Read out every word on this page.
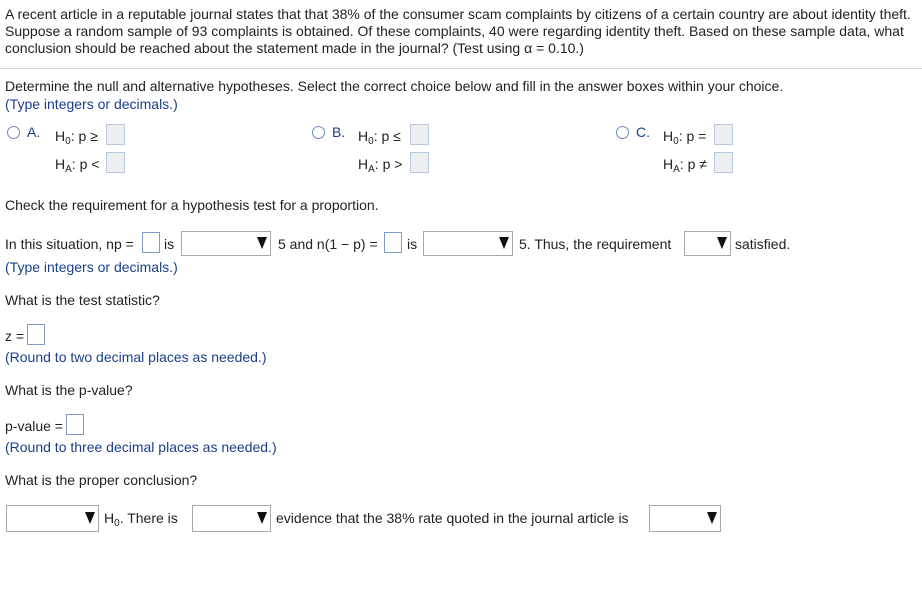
A recent article in a reputable journal states that that 38% of the consumer scam complaints by citizens of a certain country are about identity theft. Suppose a random sample of 93 complaints is obtained. Of these complaints, 40 were regarding identity theft. Based on these sample data, what conclusion should be reached about the statement made in the journal? (Test using α = 0.10.)
Determine the null and alternative hypotheses. Select the correct choice below and fill in the answer boxes within your choice.
(Type integers or decimals.)
A. $H_0$: p ≥
$H_A$: p <
B. $H_0$: p ≤
$H_A$: p >
C. $H_0$: p =
$H_A$: p ≠
Check the requirement for a hypothesis test for a proportion.
In this situation, np = is	5 and n(1 − p) = is	5. Thus, the requirement	satisfied.
(Type integers or decimals.)
What is the test statistic?
z =
(Round to two decimal places as needed.)
What is the p-value?
p-value =
(Round to three decimal places as needed.)
What is the proper conclusion?
$H_0$. There is	evidence that the 38% rate quoted in the journal article is
